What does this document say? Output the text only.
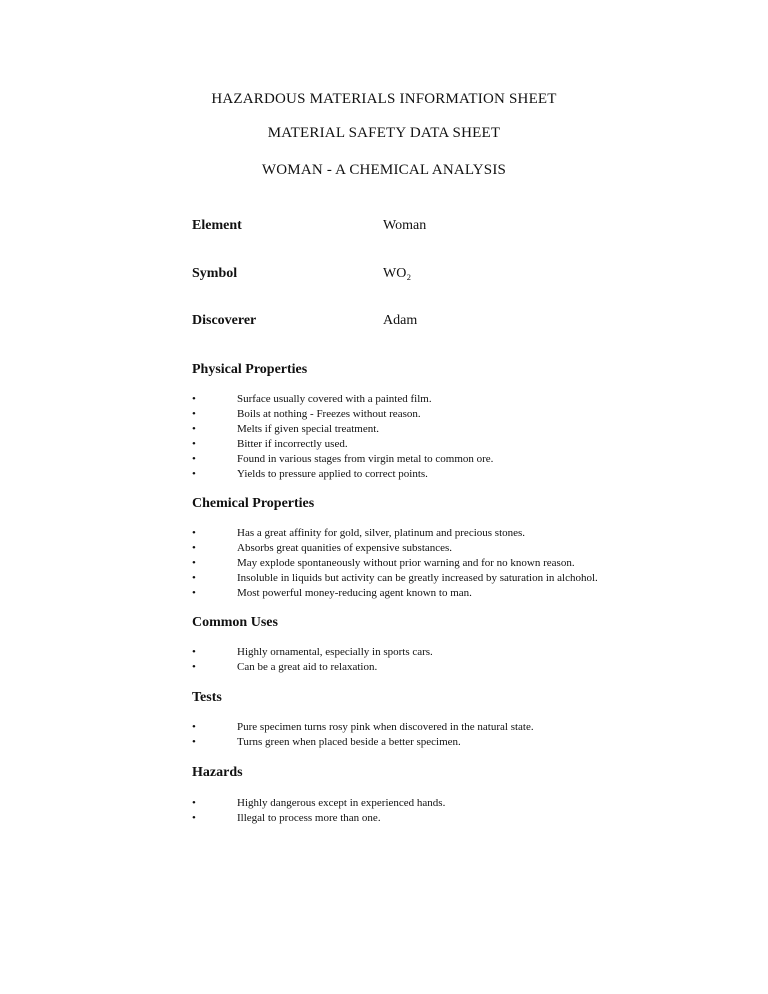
HAZARDOUS MATERIALS INFORMATION SHEET
MATERIAL SAFETY DATA SHEET
WOMAN - A CHEMICAL ANALYSIS
Element	Woman
Symbol	WO₂
Discoverer	Adam
Physical Properties
•	Surface usually covered with a painted film.
•	Boils at nothing - Freezes without reason.
•	Melts if given special treatment.
•	Bitter if incorrectly used.
•	Found in various stages from virgin metal to common ore.
•	Yields to pressure applied to correct points.
Chemical Properties
•	Has a great affinity for gold, silver, platinum and precious stones.
•	Absorbs great quanities of expensive substances.
•	May explode spontaneously without prior warning and for no known reason.
•	Insoluble in liquids but activity can be greatly increased by saturation in alchohol.
•	Most powerful money-reducing agent known to man.
Common Uses
•	Highly ornamental, especially in sports cars.
•	Can be a great aid to relaxation.
Tests
•	Pure specimen turns rosy pink when discovered in the natural state.
•	Turns green when placed beside a better specimen.
Hazards
•	Highly dangerous except in experienced hands.
•	Illegal to process more than one.
